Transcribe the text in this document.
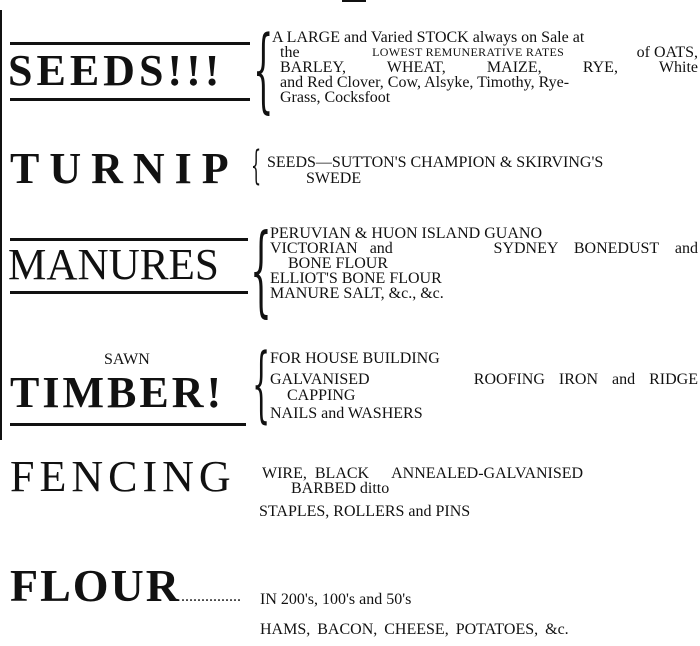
SEEDS!!! {
A LARGE and Varied STOCK always on Sale at
the	LOWEST REMUNERATIVE RATES	of OATS,
BARLEY, WHEAT, MAIZE, RYE, White
and Red Clover, Cow, Alsyke, Timothy, Rye-
Grass, Cocksfoot
TURNIP { SEEDS—SUTTON'S CHAMPION & SKIRVING'S
SWEDE
MANURES {
PERUVIAN & HUON ISLAND GUANO
VICTORIAN and	SYDNEY BONEDUST and
BONE FLOUR
ELLIOT'S BONE FLOUR
MANURE SALT, &c., &c.
SAWN
TIMBER! { FOR HOUSE BUILDING
GALVANISED	ROOFING IRON and RIDGE
CAPPING
NAILS and WASHERS
FENCING WIRE, BLACK ANNEALED-GALVANISED
BARBED ditto
STAPLES, ROLLERS and PINS
FLOUR............... IN 200's, 100's and 50's
HAMS, BACON, CHEESE, POTATOES, &c.
